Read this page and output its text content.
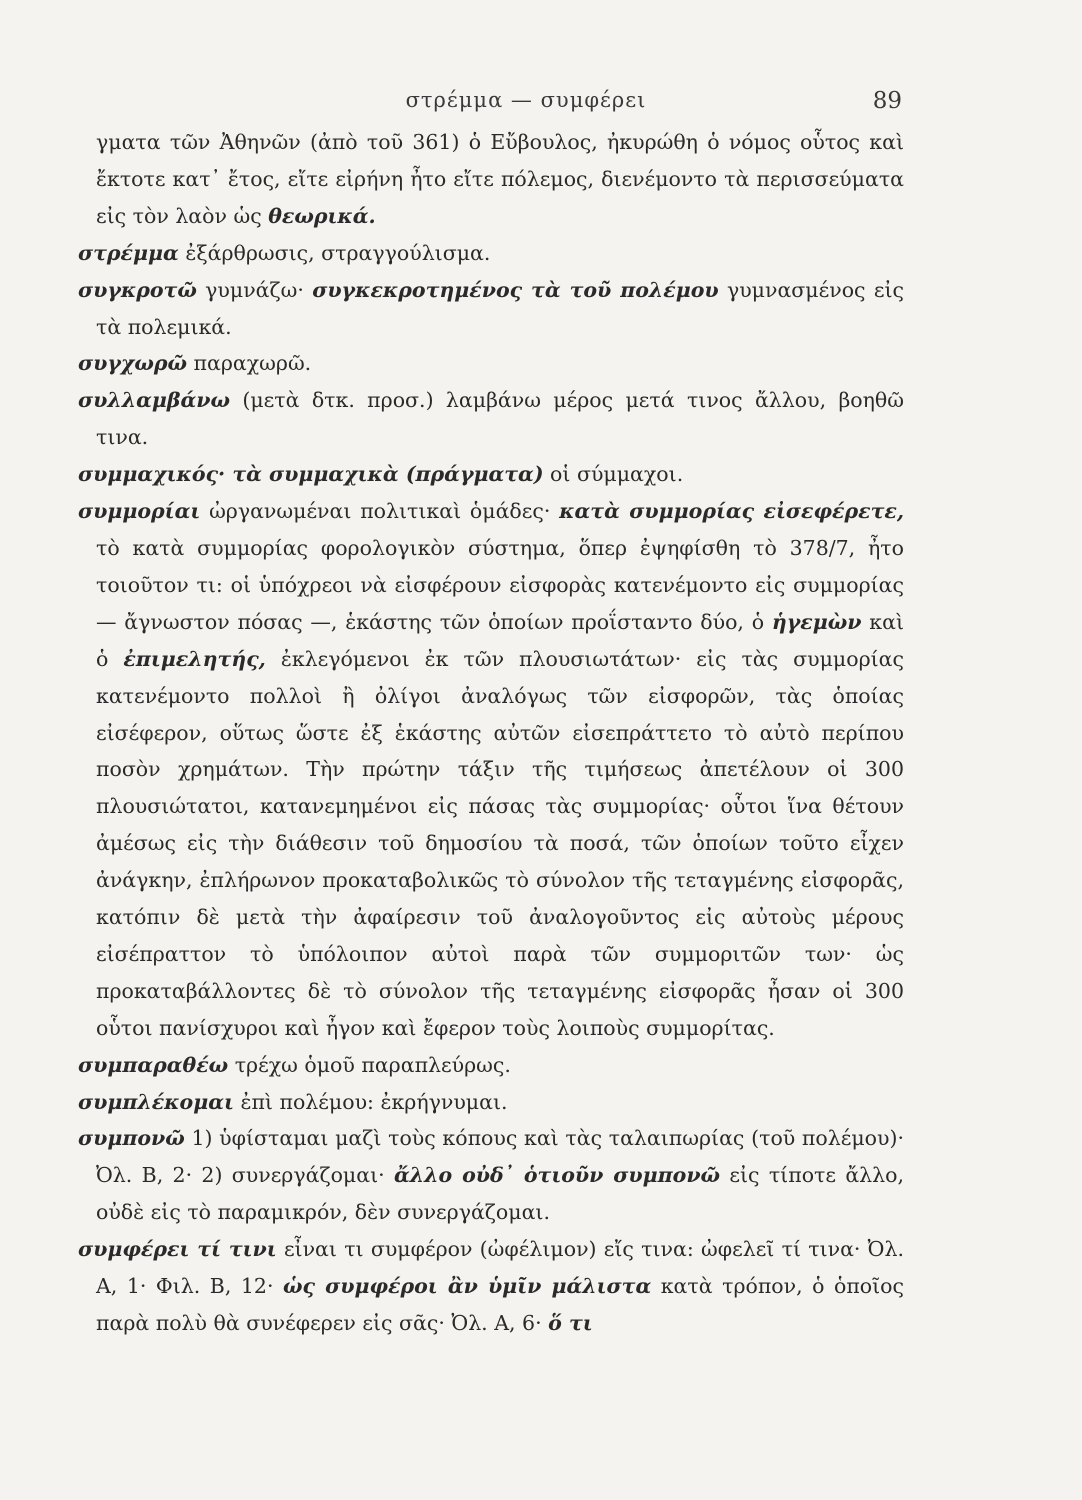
στρέμμα — συμφέρει	89

γματα τῶν Ἀθηνῶν (ἀπὸ τοῦ 361) ὁ Εὔβουλος, ἠκυρώθη ὁ νόμος οὗτος καὶ ἔκτοτε κατ᾽ ἔτος, εἴτε εἰρήνη ἦτο εἴτε πόλεμος, διενέμοντο τὰ περισσεύματα εἰς τὸν λαὸν ὡς θεωρικά.

στρέμμα ἐξάρθρωσις, στραγγούλισμα.

συγκροτῶ γυμνάζω· συγκεκροτημένος τὰ τοῦ πολέμου γυμνασμένος εἰς τὰ πολεμικά.

συγχωρῶ παραχωρῶ.

συλλαμβάνω (μετὰ δτκ. προσ.) λαμβάνω μέρος μετά τινος ἄλλου, βοηθῶ τινα.

συμμαχικός· τὰ συμμαχικὰ (πράγματα) οἱ σύμμαχοι.

συμμορίαι ὠργανωμέναι πολιτικαὶ ὁμάδες· κατὰ συμμορίας εἰσεφέρετε, τὸ κατὰ συμμορίας φορολογικὸν σύστημα, ὅπερ ἐψηφίσθη τὸ 378/7, ἦτο τοιοῦτον τι: οἱ ὑπόχρεοι νὰ εἰσφέρουν εἰσφορὰς κατενέμοντο εἰς συμμορίας — ἄγνωστον πόσας —, ἑκάστης τῶν ὁποίων προΐσταντο δύο, ὁ ἡγεμὼν καὶ ὁ ἐπιμελητής, ἐκλεγόμενοι ἐκ τῶν πλουσιωτάτων· εἰς τὰς συμμορίας κατενέμοντο πολλοὶ ἢ ὀλίγοι ἀναλόγως τῶν εἰσφορῶν, τὰς ὁποίας εἰσέφερον, οὕτως ὥστε ἐξ ἑκάστης αὐτῶν εἰσεπράττετο τὸ αὐτὸ περίπου ποσὸν χρημάτων. Τὴν πρώτην τάξιν τῆς τιμήσεως ἀπετέλουν οἱ 300 πλουσιώτατοι, κατανεμημένοι εἰς πάσας τὰς συμμορίας· οὗτοι ἵνα θέτουν ἀμέσως εἰς τὴν διάθεσιν τοῦ δημοσίου τὰ ποσά, τῶν ὁποίων τοῦτο εἶχεν ἀνάγκην, ἐπλήρωνον προκαταβολικῶς τὸ σύνολον τῆς τεταγμένης εἰσφορᾶς, κατόπιν δὲ μετὰ τὴν ἀφαίρεσιν τοῦ ἀναλογοῦντος εἰς αὐτοὺς μέρους εἰσέπραττον τὸ ὑπόλοιπον αὐτοὶ παρὰ τῶν συμμοριτῶν των· ὡς προκαταβάλλοντες δὲ τὸ σύνολον τῆς τεταγμένης εἰσφορᾶς ἦσαν οἱ 300 οὗτοι πανίσχυροι καὶ ἦγον καὶ ἔφερον τοὺς λοιποὺς συμμορίτας.

συμπαραθέω τρέχω ὁμοῦ παραπλεύρως.

συμπλέκομαι ἐπὶ πολέμου: ἐκρήγνυμαι.

συμπονῶ 1) ὑφίσταμαι μαζὶ τοὺς κόπους καὶ τὰς ταλαιπωρίας (τοῦ πολέμου)· Ὀλ. Β, 2· 2) συνεργάζομαι· ἄλλο οὐδ᾽ ὁτιοῦν συμπονῶ εἰς τίποτε ἄλλο, οὐδὲ εἰς τὸ παραμικρόν, δὲν συνεργάζομαι.

συμφέρει τί τινι εἶναι τι συμφέρον (ὠφέλιμον) εἴς τινα: ὠφελεῖ τί τινα· Ὀλ. Α, 1· Φιλ. Β, 12· ὡς συμφέροι ἂν ὑμῖν μάλιστα κατὰ τρόπον, ὁ ὁποῖος παρὰ πολὺ θὰ συνέφερεν εἰς σᾶς· Ὀλ. Α, 6· ὅ τι
